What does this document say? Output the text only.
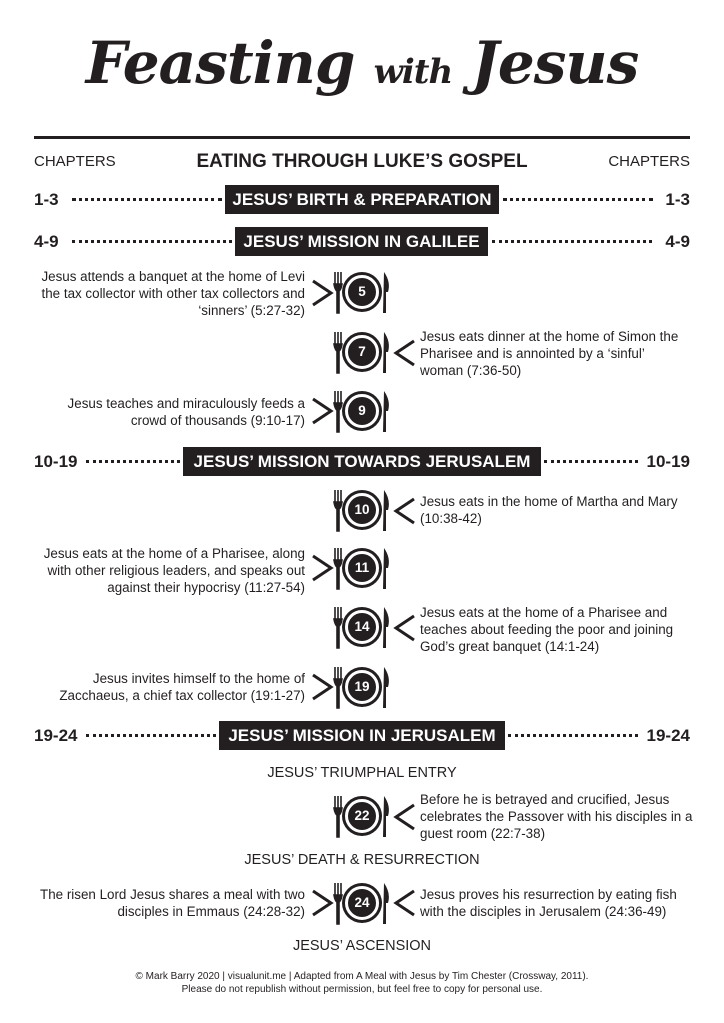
Feasting with Jesus
CHAPTERS	CHAPTERS
EATING THROUGH LUKE’S GOSPEL
1-3	JESUS’ BIRTH & PREPARATION	1-3
4-9	JESUS’ MISSION IN GALILEE	4-9
Jesus attends a banquet at the home of Levi the tax collector with other tax collectors and ‘sinners’ (5:27-32)
5
7
Jesus eats dinner at the home of Simon the Pharisee and is annointed by a ‘sinful’ woman (7:36-50)
Jesus teaches and miraculously feeds a crowd of thousands (9:10-17)
9
10-19	JESUS’ MISSION TOWARDS JERUSALEM	10-19
10
Jesus eats in the home of Martha and Mary (10:38-42)
Jesus eats at the home of a Pharisee, along with other religious leaders, and speaks out against their hypocrisy (11:27-54)
11
14
Jesus eats at the home of a Pharisee and teaches about feeding the poor and joining God’s great banquet (14:1-24)
Jesus invites himself to the home of Zacchaeus, a chief tax collector (19:1-27)
19
19-24	JESUS’ MISSION IN JERUSALEM	19-24
JESUS’ TRIUMPHAL ENTRY
22
Before he is betrayed and crucified, Jesus celebrates the Passover with his disciples in a guest room (22:7-38)
JESUS’ DEATH & RESURRECTION
The risen Lord Jesus shares a meal with two disciples in Emmaus (24:28-32)
24
Jesus proves his resurrection by eating fish with the disciples in Jerusalem (24:36-49)
JESUS’ ASCENSION
© Mark Barry 2020 | visualunit.me | Adapted from A Meal with Jesus by Tim Chester (Crossway, 2011).
Please do not republish without permission, but feel free to copy for personal use.
